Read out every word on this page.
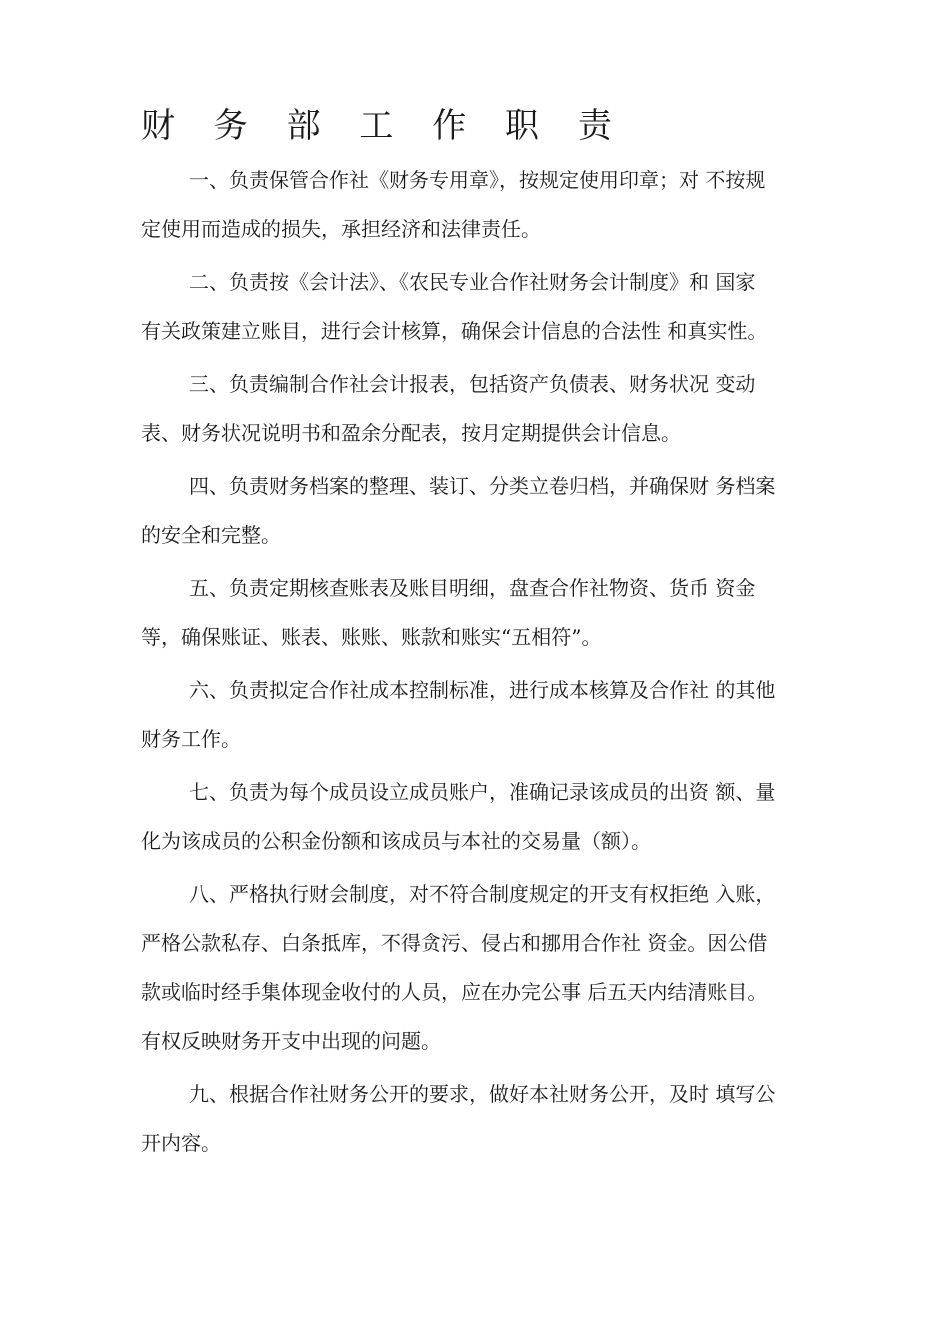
财 务 部 工 作 职 责

一、负责保管合作社《财务专用章》，按规定使用印章；对 不按规
定使用而造成的损失，承担经济和法律责任。

二、负责按《会计法》、《农民专业合作社财务会计制度》和 国家
有关政策建立账目，进行会计核算，确保会计信息的合法性 和真实性。

三、负责编制合作社会计报表，包括资产负债表、财务状况 变动
表、财务状况说明书和盈余分配表，按月定期提供会计信息。

四、负责财务档案的整理、装订、分类立卷归档，并确保财 务档案
的安全和完整。

五、负责定期核查账表及账目明细，盘查合作社物资、货币 资金
等，确保账证、账表、账账、账款和账实“五相符”。

六、负责拟定合作社成本控制标准，进行成本核算及合作社 的其他
财务工作。

七、负责为每个成员设立成员账户，准确记录该成员的出资 额、量
化为该成员的公积金份额和该成员与本社的交易量（额）。

八、严格执行财会制度，对不符合制度规定的开支有权拒绝 入账，
严格公款私存、白条抵库，不得贪污、侵占和挪用合作社 资金。因公借
款或临时经手集体现金收付的人员，应在办完公事 后五天内结清账目。
有权反映财务开支中出现的问题。

九、根据合作社财务公开的要求，做好本社财务公开，及时 填写公
开内容。
